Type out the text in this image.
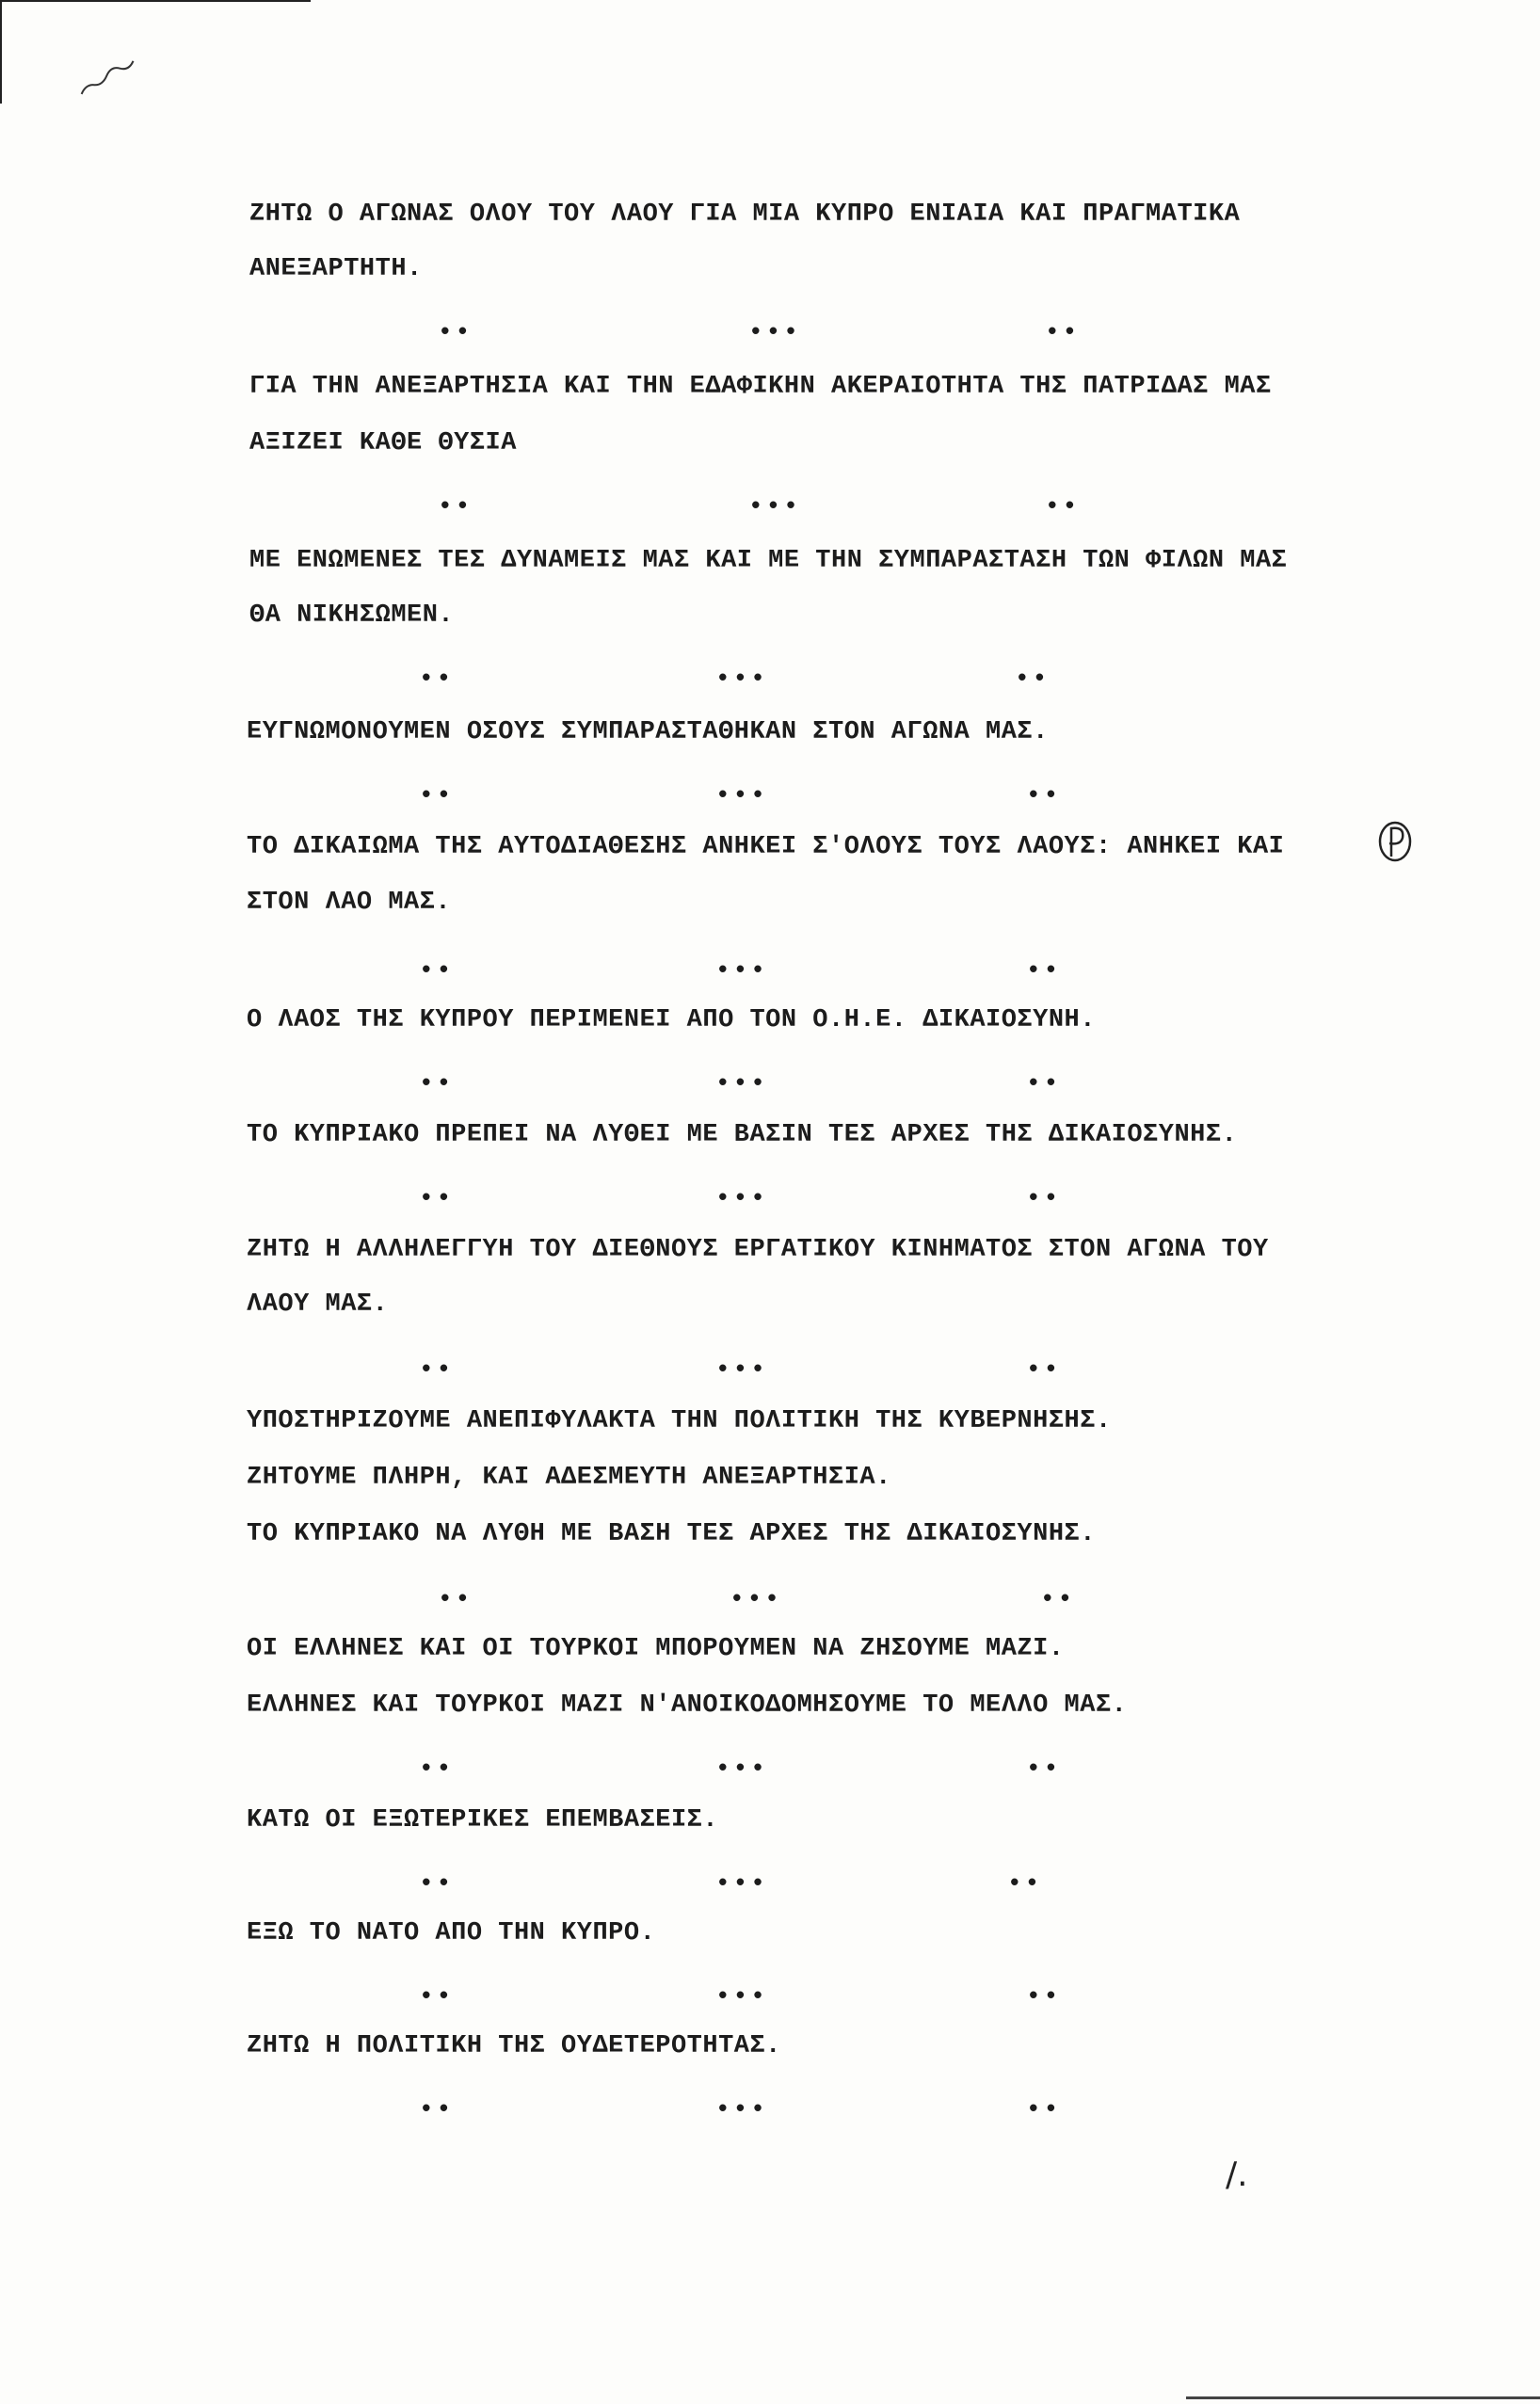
ΖΗΤΩ Ο ΑΓΩΝΑΣ ΟΛΟΥ ΤΟΥ ΛΑΟΥ ΓΙΑ ΜΙΑ ΚΥΠΡΟ ΕΝΙΑΙΑ ΚΑΙ ΠΡΑΓΜΑΤΙΚΑ
ΑΝΕΞΑΡΤΗΤΗ.
••	•••	••
ΓΙΑ ΤΗΝ ΑΝΕΞΑΡΤΗΣΙΑ ΚΑΙ ΤΗΝ ΕΔΑΦΙΚΗΝ ΑΚΕΡΑΙΟΤΗΤΑ ΤΗΣ ΠΑΤΡΙΔΑΣ ΜΑΣ
ΑΞΙΖΕΙ ΚΑΘΕ ΘΥΣΙΑ
••	•••	••
ΜΕ ΕΝΩΜΕΝΕΣ ΤΕΣ ΔΥΝΑΜΕΙΣ ΜΑΣ ΚΑΙ ΜΕ ΤΗΝ ΣΥΜΠΑΡΑΣΤΑΣΗ ΤΩΝ ΦΙΛΩΝ ΜΑΣ
ΘΑ ΝΙΚΗΣΩΜΕΝ.
••	•••	••
ΕΥΓΝΩΜΟΝΟΥΜΕΝ ΟΣΟΥΣ ΣΥΜΠΑΡΑΣΤΑΘΗΚΑΝ ΣΤΟΝ ΑΓΩΝΑ ΜΑΣ.
••	•••	••
ΤΟ ΔΙΚΑΙΩΜΑ ΤΗΣ ΑΥΤΟΔΙΑΘΕΣΗΣ ΑΝΗΚΕΙ Σ'ΟΛΟΥΣ ΤΟΥΣ ΛΑΟΥΣ: ΑΝΗΚΕΙ ΚΑΙ
ΣΤΟΝ ΛΑΟ ΜΑΣ.
••	•••	••
Ο ΛΑΟΣ ΤΗΣ ΚΥΠΡΟΥ ΠΕΡΙΜΕΝΕΙ ΑΠΟ ΤΟΝ Ο.Η.Ε. ΔΙΚΑΙΟΣΥΝΗ.
••	•••	••
ΤΟ ΚΥΠΡΙΑΚΟ ΠΡΕΠΕΙ ΝΑ ΛΥΘΕΙ ΜΕ ΒΑΣΙΝ ΤΕΣ ΑΡΧΕΣ ΤΗΣ ΔΙΚΑΙΟΣΥΝΗΣ.
••	•••	••
ΖΗΤΩ Η ΑΛΛΗΛΕΓΓΥΗ ΤΟΥ ΔΙΕΘΝΟΥΣ ΕΡΓΑΤΙΚΟΥ ΚΙΝΗΜΑΤΟΣ ΣΤΟΝ ΑΓΩΝΑ ΤΟΥ
ΛΑΟΥ ΜΑΣ.
••	•••	••
ΥΠΟΣΤΗΡΙΖΟΥΜΕ ΑΝΕΠΙΦΥΛΑΚΤΑ ΤΗΝ ΠΟΛΙΤΙΚΗ ΤΗΣ ΚΥΒΕΡΝΗΣΗΣ.
ΖΗΤΟΥΜΕ ΠΛΗΡΗ, ΚΑΙ ΑΔΕΣΜΕΥΤΗ ΑΝΕΞΑΡΤΗΣΙΑ.
ΤΟ ΚΥΠΡΙΑΚΟ ΝΑ ΛΥΘΗ ΜΕ ΒΑΣΗ ΤΕΣ ΑΡΧΕΣ ΤΗΣ ΔΙΚΑΙΟΣΥΝΗΣ.
••	•••	••
ΟΙ ΕΛΛΗΝΕΣ ΚΑΙ ΟΙ ΤΟΥΡΚΟΙ ΜΠΟΡΟΥΜΕΝ ΝΑ ΖΗΣΟΥΜΕ ΜΑΖΙ.
ΕΛΛΗΝΕΣ ΚΑΙ ΤΟΥΡΚΟΙ ΜΑΖΙ Ν'ΑΝΟΙΚΟΔΟΜΗΣΟΥΜΕ ΤΟ ΜΕΛΛΟ ΜΑΣ.
••	•••	••
ΚΑΤΩ ΟΙ ΕΞΩΤΕΡΙΚΕΣ ΕΠΕΜΒΑΣΕΙΣ.
••	•••	••
ΕΞΩ ΤΟ ΝΑΤΟ ΑΠΟ ΤΗΝ ΚΥΠΡΟ.
••	•••	••
ΖΗΤΩ Η ΠΟΛΙΤΙΚΗ ΤΗΣ ΟΥΔΕΤΕΡΟΤΗΤΑΣ.
••	•••	••
/.
